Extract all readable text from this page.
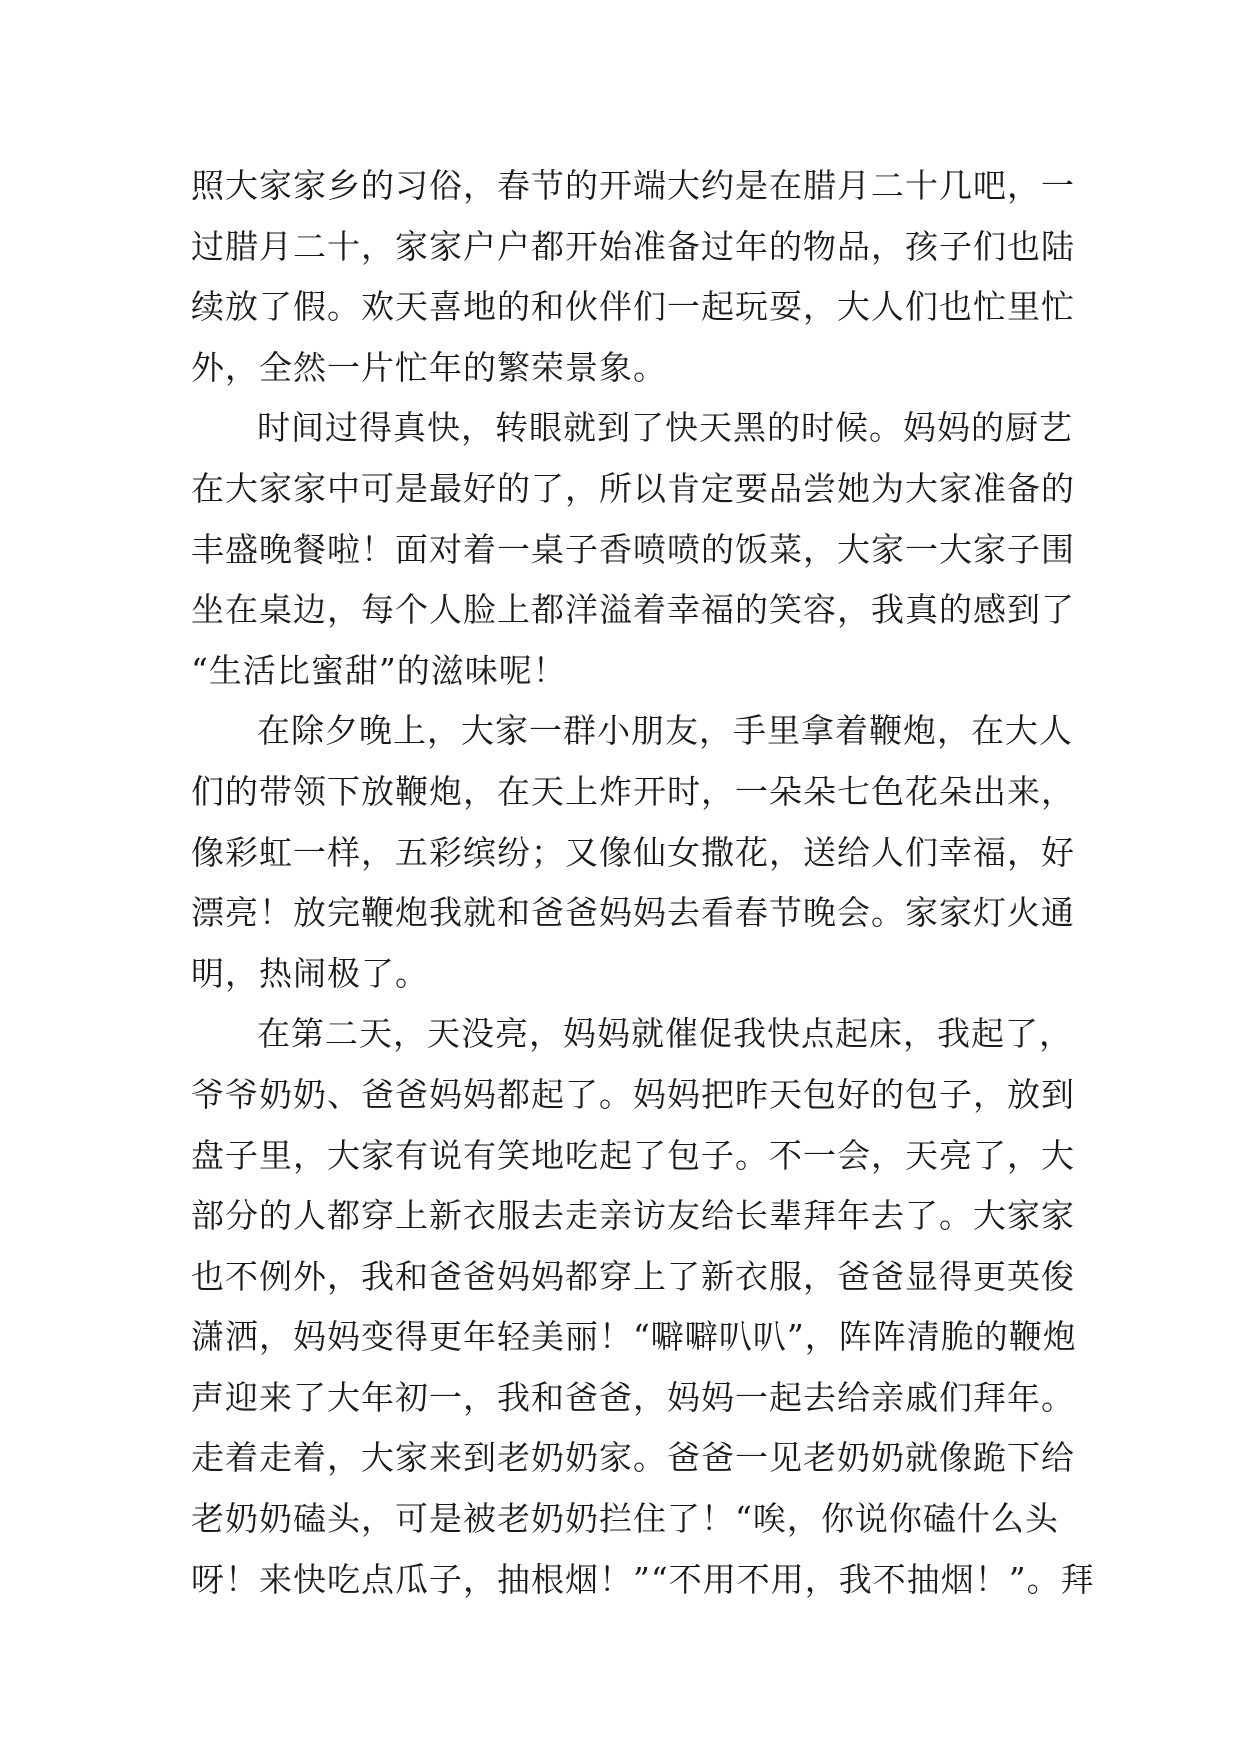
照大家家乡的习俗，春节的开端大约是在腊月二十几吧，一
过腊月二十，家家户户都开始准备过年的物品，孩子们也陆
续放了假。欢天喜地的和伙伴们一起玩耍，大人们也忙里忙
外，全然一片忙年的繁荣景象。
时间过得真快，转眼就到了快天黑的时候。妈妈的厨艺
在大家家中可是最好的了，所以肯定要品尝她为大家准备的
丰盛晚餐啦！面对着一桌子香喷喷的饭菜，大家一大家子围
坐在桌边，每个人脸上都洋溢着幸福的笑容，我真的感到了
“生活比蜜甜”的滋味呢！
在除夕晚上，大家一群小朋友，手里拿着鞭炮，在大人
们的带领下放鞭炮，在天上炸开时，一朵朵七色花朵出来，
像彩虹一样，五彩缤纷；又像仙女撒花，送给人们幸福，好
漂亮！放完鞭炮我就和爸爸妈妈去看春节晚会。家家灯火通
明，热闹极了。
在第二天，天没亮，妈妈就催促我快点起床，我起了，
爷爷奶奶、爸爸妈妈都起了。妈妈把昨天包好的包子，放到
盘子里，大家有说有笑地吃起了包子。不一会，天亮了，大
部分的人都穿上新衣服去走亲访友给长辈拜年去了。大家家
也不例外，我和爸爸妈妈都穿上了新衣服，爸爸显得更英俊
潇洒，妈妈变得更年轻美丽！“噼噼叭叭”，阵阵清脆的鞭炮
声迎来了大年初一，我和爸爸，妈妈一起去给亲戚们拜年。
走着走着，大家来到老奶奶家。爸爸一见老奶奶就像跪下给
老奶奶磕头，可是被老奶奶拦住了！“唉，你说你磕什么头
呀！来快吃点瓜子，抽根烟！”“不用不用，我不抽烟！”。拜
